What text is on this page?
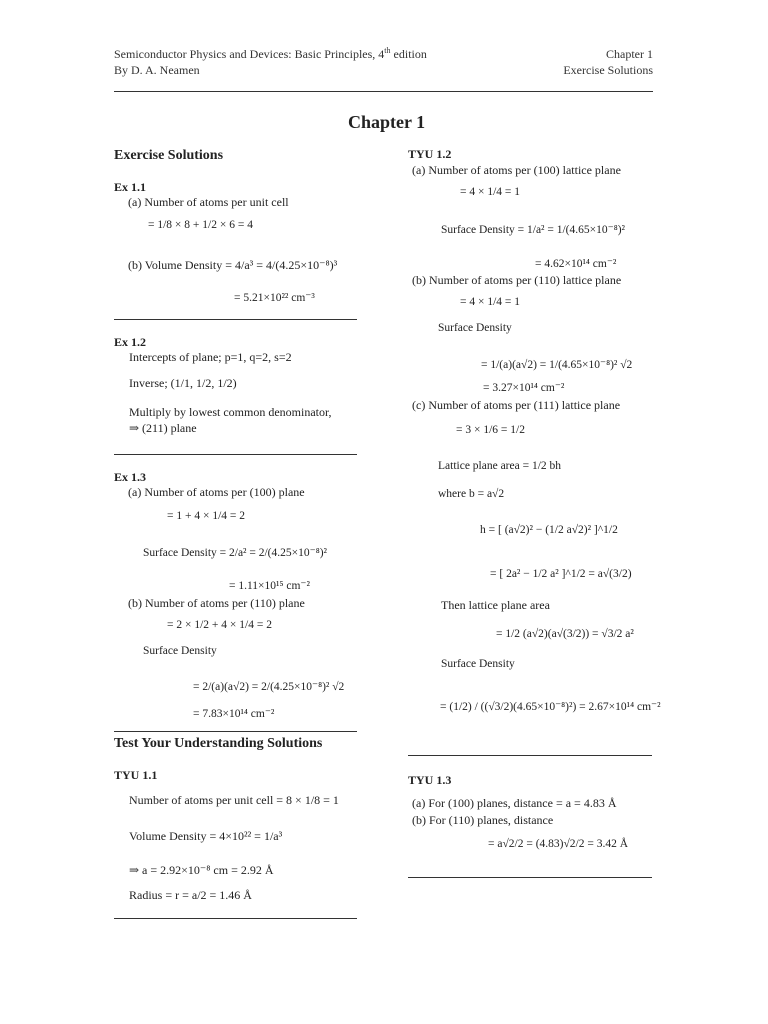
Semiconductor Physics and Devices: Basic Principles, 4th edition
By D. A. Neamen
Chapter 1
Exercise Solutions
Chapter 1
Exercise Solutions
Ex 1.1
(a) Number of atoms per unit cell
= 1/8 × 8 + 1/2 × 6 = 4
(b) Volume Density = 4/a³ = 4/(4.25×10⁻⁸)³
= 5.21×10²² cm⁻³
Ex 1.2
Intercepts of plane; p=1, q=2, s=2
Inverse; (1/1, 1/2, 1/2)
Multiply by lowest common denominator,
⇒ (211) plane
Ex 1.3
(a) Number of atoms per (100) plane
= 1 + 4 × 1/4 = 2
Surface Density = 2/a² = 2/(4.25×10⁻⁸)²
= 1.11×10¹⁵ cm⁻²
(b) Number of atoms per (110) plane
= 2 × 1/2 + 4 × 1/4 = 2
Surface Density
= 2/(a)(a√2) = 2/(4.25×10⁻⁸)² √2
= 7.83×10¹⁴ cm⁻²
Test Your Understanding Solutions
TYU 1.1
Number of atoms per unit cell = 8 × 1/8 = 1
Volume Density = 4×10²² = 1/a³
⇒ a = 2.92×10⁻⁸ cm = 2.92 Å
Radius = r = a/2 = 1.46 Å
TYU 1.2
(a) Number of atoms per (100) lattice plane
= 4 × 1/4 = 1
Surface Density = 1/a² = 1/(4.65×10⁻⁸)²
= 4.62×10¹⁴ cm⁻²
(b) Number of atoms per (110) lattice plane
= 4 × 1/4 = 1
Surface Density
= 1/(a)(a√2) = 1/(4.65×10⁻⁸)² √2
= 3.27×10¹⁴ cm⁻²
(c) Number of atoms per (111) lattice plane
= 3 × 1/6 = 1/2
Lattice plane area = 1/2 bh
where b = a√2
h = [ (a√2)² − (1/2 a√2)² ]^1/2
= [ 2a² − 1/2 a² ]^1/2 = a√(3/2)
Then lattice plane area
= 1/2 (a√2)(a√(3/2)) = √3/2 a²
Surface Density
= (1/2) / ((√3/2)(4.65×10⁻⁸)²) = 2.67×10¹⁴ cm⁻²
TYU 1.3
(a) For (100) planes, distance = a = 4.83 Å
(b) For (110) planes, distance
= a√2/2 = (4.83)√2/2 = 3.42 Å
